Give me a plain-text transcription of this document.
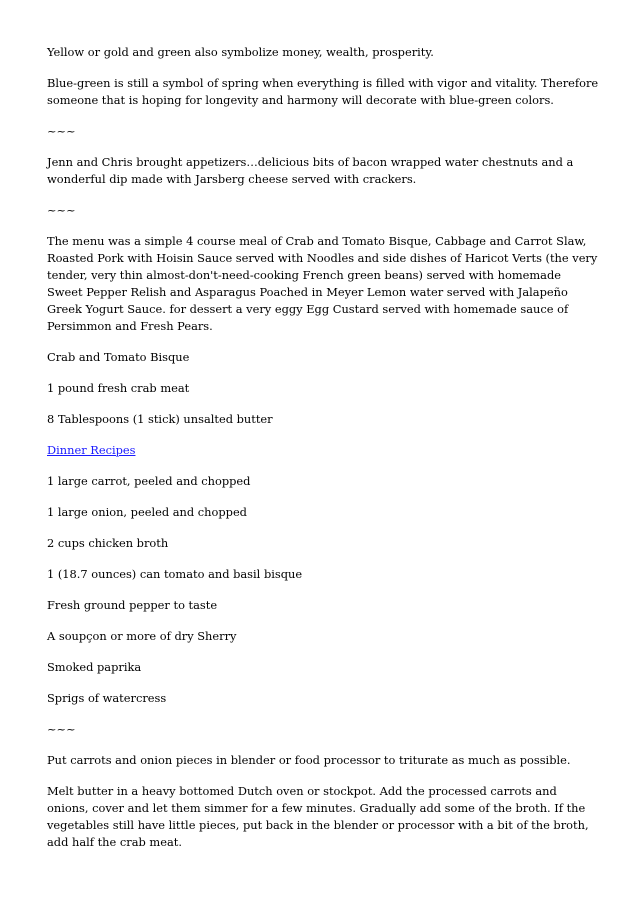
Yellow or gold and green also symbolize money, wealth, prosperity.

Blue-green is still a symbol of spring when everything is filled with vigor and vitality. Therefore someone that is hoping for longevity and harmony will decorate with blue-green colors.

~~~

Jenn and Chris brought appetizers…delicious bits of bacon wrapped water chestnuts and a wonderful dip made with Jarsberg cheese served with crackers.

~~~

The menu was a simple 4 course meal of Crab and Tomato Bisque, Cabbage and Carrot Slaw, Roasted Pork with Hoisin Sauce served with Noodles and side dishes of Haricot Verts (the very tender, very thin almost-don't-need-cooking French green beans) served with homemade Sweet Pepper Relish and Asparagus Poached in Meyer Lemon water served with Jalapeño Greek Yogurt Sauce. for dessert a very eggy Egg Custard served with homemade sauce of Persimmon and Fresh Pears.

Crab and Tomato Bisque

1 pound fresh crab meat

8 Tablespoons (1 stick) unsalted butter

Dinner Recipes

1 large carrot, peeled and chopped

1 large onion, peeled and chopped

2 cups chicken broth

1 (18.7 ounces) can tomato and basil bisque

Fresh ground pepper to taste

A soupçon or more of dry Sherry

Smoked paprika

Sprigs of watercress

~~~

Put carrots and onion pieces in blender or food processor to triturate as much as possible.

Melt butter in a heavy bottomed Dutch oven or stockpot. Add the processed carrots and onions, cover and let them simmer for a few minutes. Gradually add some of the broth. If the vegetables still have little pieces, put back in the blender or processor with a bit of the broth, add half the crab meat.
